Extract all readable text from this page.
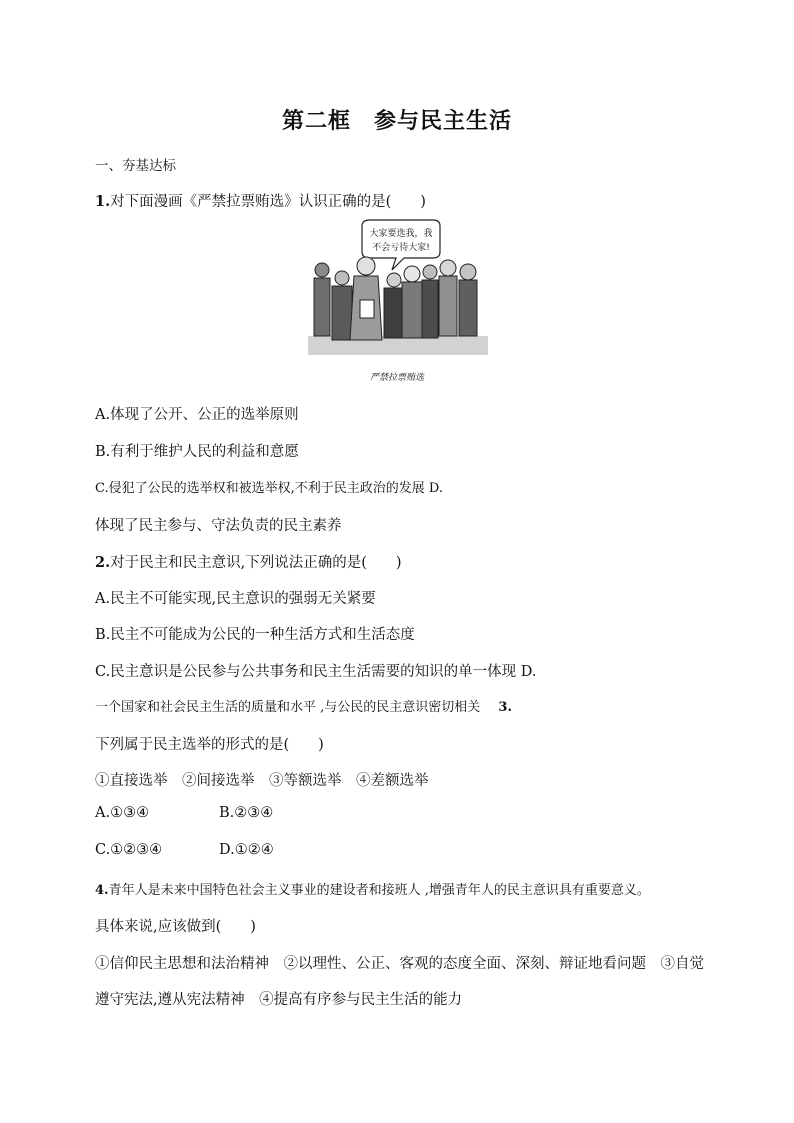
第二框　参与民主生活
一、夯基达标
1.对下面漫画《严禁拉票贿选》认识正确的是(　　)
大家要选我，我
不会亏待大家!
严禁拉票贿选
A.体现了公开、公正的选举原则
B.有利于维护人民的利益和意愿
C.侵犯了公民的选举权和被选举权,不利于民主政治的发展 D.
体现了民主参与、守法负责的民主素养
2.对于民主和民主意识,下列说法正确的是(　　)
A.民主不可能实现,民主意识的强弱无关紧要
B.民主不可能成为公民的一种生活方式和生活态度
C.民主意识是公民参与公共事务和民主生活需要的知识的单一体现 D.
一个国家和社会民主生活的质量和水平 ,与公民的民主意识密切相关 3.
下列属于民主选举的形式的是(　　)
①直接选举　②间接选举　③等额选举　④差额选举
A.①③④	B.②③④
C.①②③④	D.①②④
4.青年人是未来中国特色社会主义事业的建设者和接班人 ,增强青年人的民主意识具有重要意义。
具体来说,应该做到(　　)
①信仰民主思想和法治精神　②以理性、公正、客观的态度全面、深刻、辩证地看问题　③自觉
遵守宪法,遵从宪法精神　④提高有序参与民主生活的能力
